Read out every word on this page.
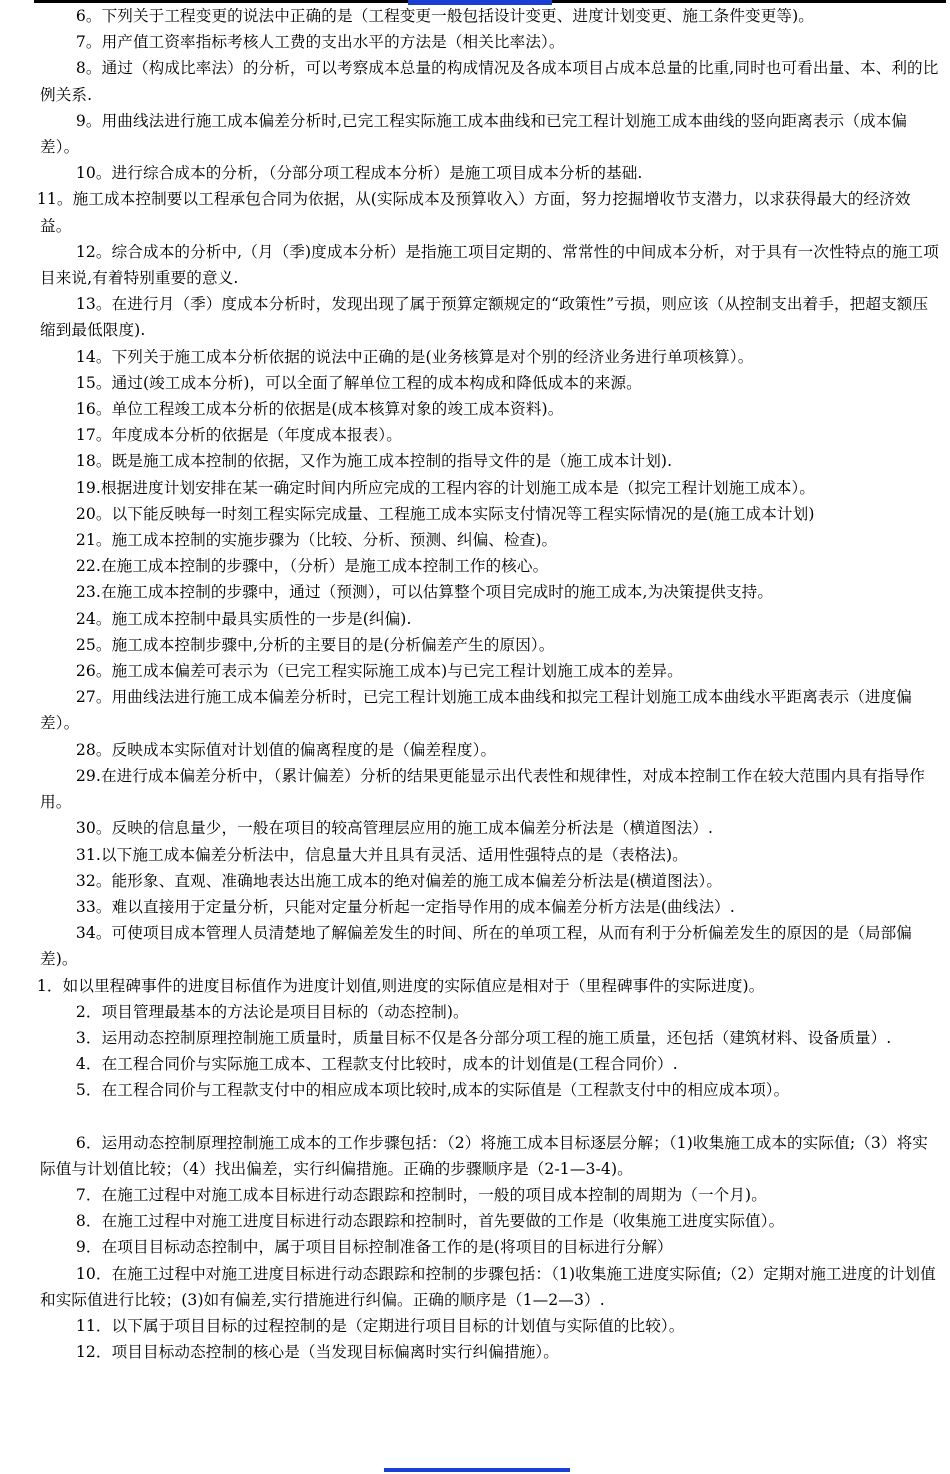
6。下列关于工程变更的说法中正确的是（工程变更一般包括设计变更、进度计划变更、施工条件变更等)。

7。用产值工资率指标考核人工费的支出水平的方法是（相关比率法）。

8。通过（构成比率法）的分析，可以考察成本总量的构成情况及各成本项目占成本总量的比重,同时也可看出量、本、利的比例关系.

9。用曲线法进行施工成本偏差分析时,已完工程实际施工成本曲线和已完工程计划施工成本曲线的竖向距离表示（成本偏差）。

10。进行综合成本的分析，（分部分项工程成本分析）是施工项目成本分析的基础.

11。施工成本控制要以工程承包合同为依据，从(实际成本及预算收入）方面，努力挖掘增收节支潜力，以求获得最大的经济效益。

12。综合成本的分析中,（月（季)度成本分析）是指施工项目定期的、常常性的中间成本分析，对于具有一次性特点的施工项目来说,有着特别重要的意义.

13。在进行月（季）度成本分析时，发现出现了属于预算定额规定的“政策性”亏损，则应该（从控制支出着手，把超支额压缩到最低限度).

14。下列关于施工成本分析依据的说法中正确的是(业务核算是对个别的经济业务进行单项核算）。

15。通过(竣工成本分析)，可以全面了解单位工程的成本构成和降低成本的来源。

16。单位工程竣工成本分析的依据是(成本核算对象的竣工成本资料)。

17。年度成本分析的依据是（年度成本报表）。

18。既是施工成本控制的依据，又作为施工成本控制的指导文件的是（施工成本计划).

19.根据进度计划安排在某一确定时间内所应完成的工程内容的计划施工成本是（拟完工程计划施工成本）。

20。以下能反映每一时刻工程实际完成量、工程施工成本实际支付情况等工程实际情况的是(施工成本计划)

21。施工成本控制的实施步骤为（比较、分析、预测、纠偏、检查)。

22.在施工成本控制的步骤中，（分析）是施工成本控制工作的核心。

23.在施工成本控制的步骤中，通过（预测），可以估算整个项目完成时的施工成本,为决策提供支持。

24。施工成本控制中最具实质性的一步是(纠偏).

25。施工成本控制步骤中,分析的主要目的是(分析偏差产生的原因）。

26。施工成本偏差可表示为（已完工程实际施工成本)与已完工程计划施工成本的差异。

27。用曲线法进行施工成本偏差分析时，已完工程计划施工成本曲线和拟完工程计划施工成本曲线水平距离表示（进度偏差）。

28。反映成本实际值对计划值的偏离程度的是（偏差程度）。

29.在进行成本偏差分析中，（累计偏差）分析的结果更能显示出代表性和规律性，对成本控制工作在较大范围内具有指导作用。

30。反映的信息量少，一般在项目的较高管理层应用的施工成本偏差分析法是（横道图法）.

31.以下施工成本偏差分析法中，信息量大并且具有灵活、适用性强特点的是（表格法)。

32。能形象、直观、准确地表达出施工成本的绝对偏差的施工成本偏差分析法是(横道图法）。

33。难以直接用于定量分析，只能对定量分析起一定指导作用的成本偏差分析方法是(曲线法）.

34。可使项目成本管理人员清楚地了解偏差发生的时间、所在的单项工程，从而有利于分析偏差发生的原因的是（局部偏差)。

1．如以里程碑事件的进度目标值作为进度计划值,则进度的实际值应是相对于（里程碑事件的实际进度)。

2．项目管理最基本的方法论是项目目标的（动态控制)。

3．运用动态控制原理控制施工质量时，质量目标不仅是各分部分项工程的施工质量，还包括（建筑材料、设备质量）.

4．在工程合同价与实际施工成本、工程款支付比较时，成本的计划值是(工程合同价）.

5．在工程合同价与工程款支付中的相应成本项比较时,成本的实际值是（工程款支付中的相应成本项）。

6．运用动态控制原理控制施工成本的工作步骤包括：（2）将施工成本目标逐层分解；（1)收集施工成本的实际值;（3）将实际值与计划值比较；（4）找出偏差，实行纠偏措施。正确的步骤顺序是（2-1—3-4)。

7．在施工过程中对施工成本目标进行动态跟踪和控制时，一般的项目成本控制的周期为（一个月)。

8．在施工过程中对施工进度目标进行动态跟踪和控制时，首先要做的工作是（收集施工进度实际值）。

9．在项目目标动态控制中，属于项目目标控制准备工作的是(将项目的目标进行分解）

10．在施工过程中对施工进度目标进行动态跟踪和控制的步骤包括：（1)收集施工进度实际值;（2）定期对施工进度的计划值和实际值进行比较；(3)如有偏差,实行措施进行纠偏。正确的顺序是（1—2—3）.

11．以下属于项目目标的过程控制的是（定期进行项目目标的计划值与实际值的比较）。

12．项目目标动态控制的核心是（当发现目标偏离时实行纠偏措施）。
